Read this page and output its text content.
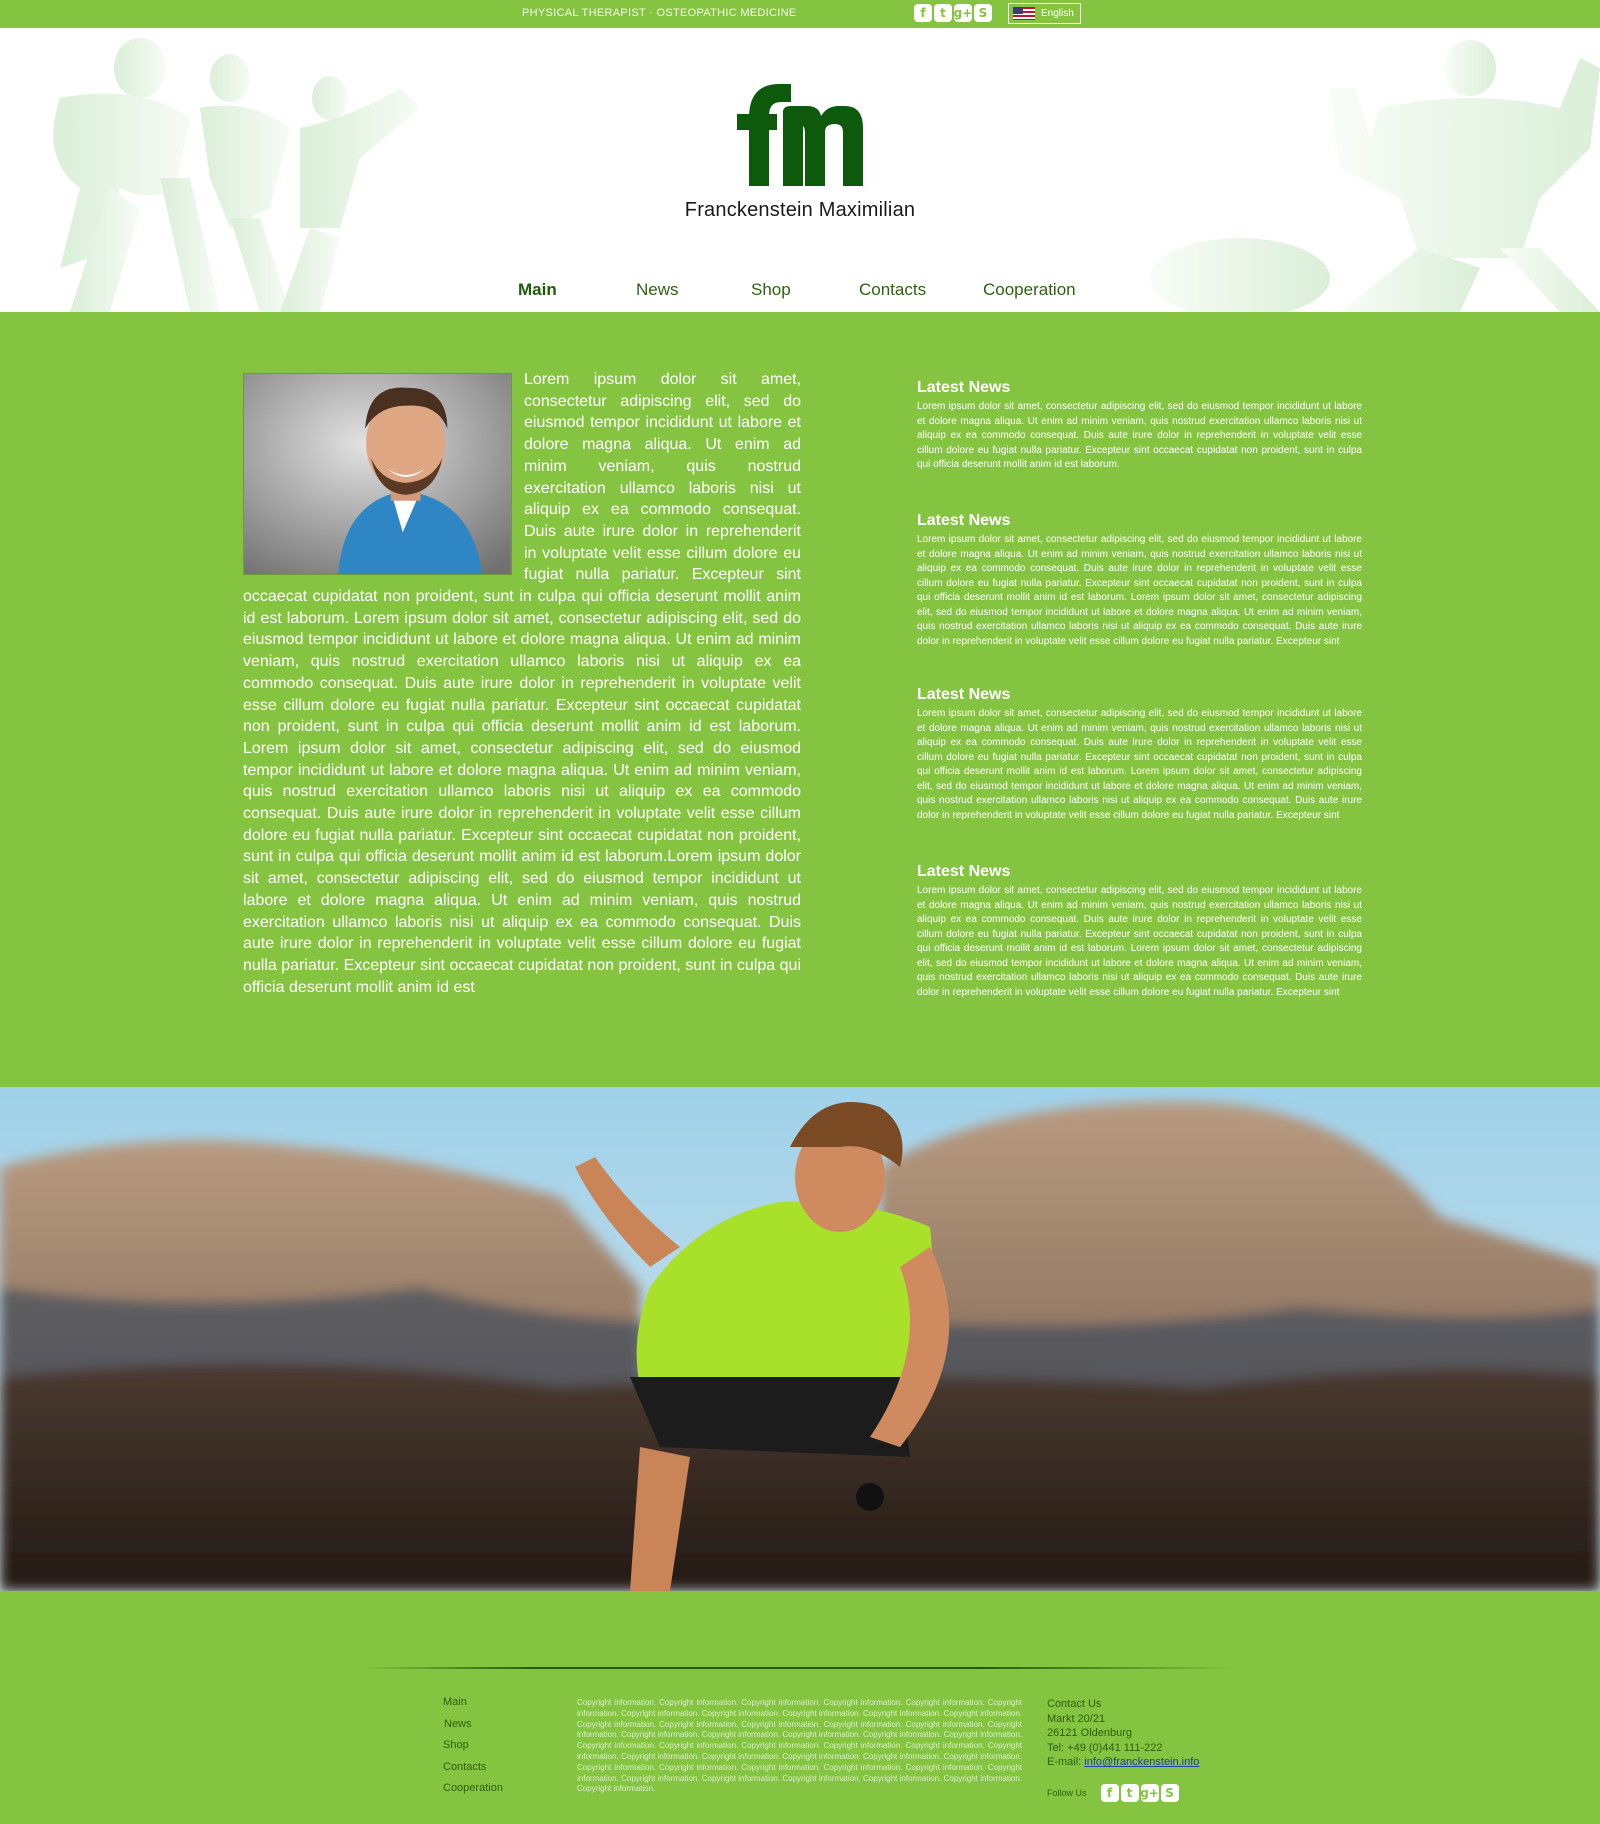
PHYSICAL THERAPIST · OSTEOPATHIC MEDICINE	f	t g+ S	English
Franckenstein Maximilian
Main	News	Shop	Contacts	Cooperation
Lorem ipsum dolor sit amet, consectetur adipiscing elit, sed do eiusmod tempor incididunt ut labore et dolore magna aliqua. Ut enim ad minim veniam, quis nostrud exercitation ullamco laboris nisi ut aliquip ex ea commodo consequat. Duis aute irure dolor in reprehenderit in voluptate velit esse cillum dolore eu fugiat nulla pariatur. Excepteur sint occaecat cupidatat non proident, sunt in culpa qui officia deserunt mollit anim id est laborum. Lorem ipsum dolor sit amet, consectetur adipiscing elit, sed do eiusmod tempor incididunt ut labore et dolore magna aliqua. Ut enim ad minim veniam, quis nostrud exercitation ullamco laboris nisi ut aliquip ex ea commodo consequat. Duis aute irure dolor in reprehenderit in voluptate velit esse cillum dolore eu fugiat nulla pariatur. Excepteur sint occaecat cupidatat non proident, sunt in culpa qui officia deserunt mollit anim id est laborum. Lorem ipsum dolor sit amet, consectetur adipiscing elit, sed do eiusmod tempor incididunt ut labore et dolore magna aliqua. Ut enim ad minim veniam, quis nostrud exercitation ullamco laboris nisi ut aliquip ex ea commodo consequat. Duis aute irure dolor in reprehenderit in voluptate velit esse cillum dolore eu fugiat nulla pariatur. Excepteur sint occaecat cupidatat non proident, sunt in culpa qui officia deserunt mollit anim id est laborum.Lorem ipsum dolor sit amet, consectetur adipiscing elit, sed do eiusmod tempor incididunt ut labore et dolore magna aliqua. Ut enim ad minim veniam, quis nostrud exercitation ullamco laboris nisi ut aliquip ex ea commodo consequat. Duis aute irure dolor in reprehenderit in voluptate velit esse cillum dolore eu fugiat nulla pariatur. Excepteur sint occaecat cupidatat non proident, sunt in culpa qui officia deserunt mollit anim id est
Latest News
Lorem ipsum dolor sit amet, consectetur adipiscing elit, sed do eiusmod tempor incididunt ut labore et dolore magna aliqua. Ut enim ad minim veniam, quis nostrud exercitation ullamco laboris nisi ut aliquip ex ea commodo consequat. Duis aute irure dolor in reprehenderit in voluptate velit esse cillum dolore eu fugiat nulla pariatur. Excepteur sint occaecat cupidatat non proident, sunt in culpa qui officia deserunt mollit anim id est laborum.
Latest News
Lorem ipsum dolor sit amet, consectetur adipiscing elit, sed do eiusmod tempor incididunt ut labore et dolore magna aliqua. Ut enim ad minim veniam, quis nostrud exercitation ullamco laboris nisi ut aliquip ex ea commodo consequat. Duis aute irure dolor in reprehenderit in voluptate velit esse cillum dolore eu fugiat nulla pariatur. Excepteur sint occaecat cupidatat non proident, sunt in culpa qui officia deserunt mollit anim id est laborum. Lorem ipsum dolor sit amet, consectetur adipiscing elit, sed do eiusmod tempor incididunt ut labore et dolore magna aliqua. Ut enim ad minim veniam, quis nostrud exercitation ullamco laboris nisi ut aliquip ex ea commodo consequat. Duis aute irure dolor in reprehenderit in voluptate velit esse cillum dolore eu fugiat nulla pariatur. Excepteur sint
Latest News
Lorem ipsum dolor sit amet, consectetur adipiscing elit, sed do eiusmod tempor incididunt ut labore et dolore magna aliqua. Ut enim ad minim veniam, quis nostrud exercitation ullamco laboris nisi ut aliquip ex ea commodo consequat. Duis aute irure dolor in reprehenderit in voluptate velit esse cillum dolore eu fugiat nulla pariatur. Excepteur sint occaecat cupidatat non proident, sunt in culpa qui officia deserunt mollit anim id est laborum. Lorem ipsum dolor sit amet, consectetur adipiscing elit, sed do eiusmod tempor incididunt ut labore et dolore magna aliqua. Ut enim ad minim veniam, quis nostrud exercitation ullamco laboris nisi ut aliquip ex ea commodo consequat. Duis aute irure dolor in reprehenderit in voluptate velit esse cillum dolore eu fugiat nulla pariatur. Excepteur sint
Latest News
Lorem ipsum dolor sit amet, consectetur adipiscing elit, sed do eiusmod tempor incididunt ut labore et dolore magna aliqua. Ut enim ad minim veniam, quis nostrud exercitation ullamco laboris nisi ut aliquip ex ea commodo consequat. Duis aute irure dolor in reprehenderit in voluptate velit esse cillum dolore eu fugiat nulla pariatur. Excepteur sint occaecat cupidatat non proident, sunt in culpa qui officia deserunt mollit anim id est laborum. Lorem ipsum dolor sit amet, consectetur adipiscing elit, sed do eiusmod tempor incididunt ut labore et dolore magna aliqua. Ut enim ad minim veniam, quis nostrud exercitation ullamco laboris nisi ut aliquip ex ea commodo consequat. Duis aute irure dolor in reprehenderit in voluptate velit esse cillum dolore eu fugiat nulla pariatur. Excepteur sint
Main
News
Shop
Contacts
Cooperation
Copyright information. Copyright information. Copyright information. Copyright information. Copyright information. Copyright information. Copyright information. Copyright information. Copyright information. Copyright information. Copyright information. Copyright information. Copyright information. Copyright information. Copyright information. Copyright information. Copyright information. Copyright information. Copyright information. Copyright information. Copyright information. Copyright information. Copyright information. Copyright information. Copyright information. Copyright information. Copyright information. Copyright information. Copyright information. Copyright information. Copyright information. Copyright information. Copyright information. Copyright information. Copyright information. Copyright information. Copyright information. Copyright information. Copyright information. Copyright information. Copyright information. Copyright information. Copyright information. Copyright information. Copyright information.
Contact Us
Markt 20/21
26121 Oldenburg
Tel: +49 (0)441 111-222
E-mail: info@franckenstein.info
Follow Us	f	t g+ S
